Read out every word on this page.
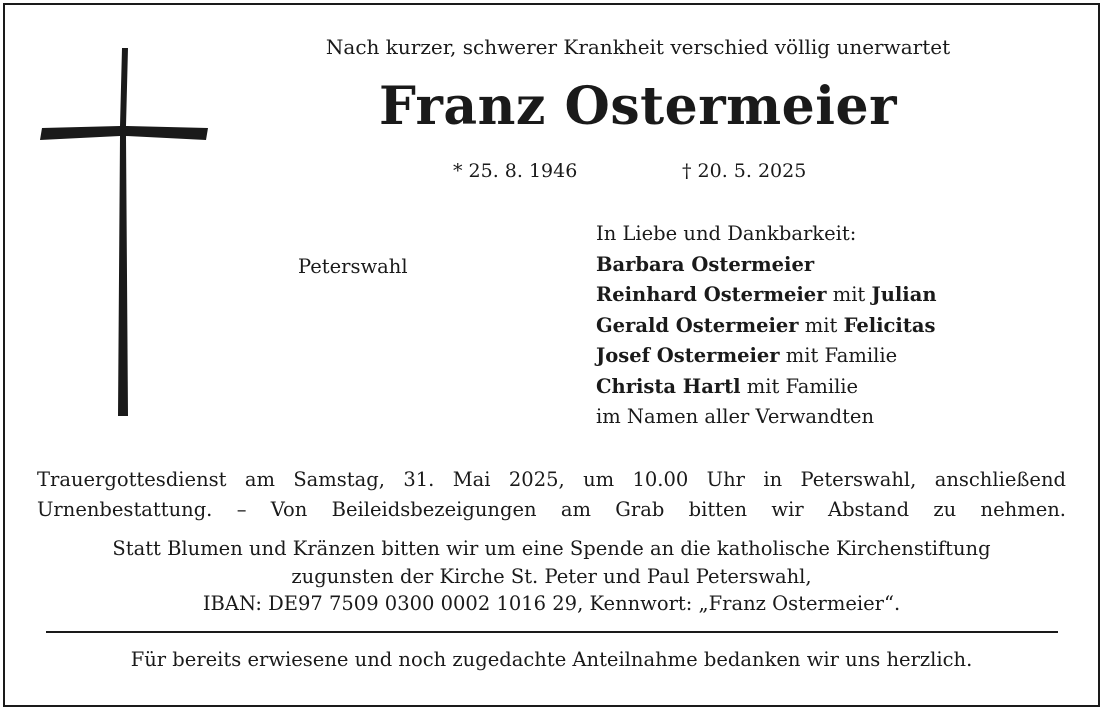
Nach kurzer, schwerer Krankheit verschied völlig unerwartet
Franz Ostermeier
* 25. 8. 1946	† 20. 5. 2025
Peterswahl
In Liebe und Dankbarkeit:
Barbara Ostermeier
Reinhard Ostermeier mit Julian
Gerald Ostermeier mit Felicitas
Josef Ostermeier mit Familie
Christa Hartl mit Familie
im Namen aller Verwandten
Trauergottesdienst am Samstag, 31. Mai 2025, um 10.00 Uhr in Peterswahl, anschließend
Urnenbestattung. – Von Beileidsbezeigungen am Grab bitten wir Abstand zu nehmen.
Statt Blumen und Kränzen bitten wir um eine Spende an die katholische Kirchenstiftung
zugunsten der Kirche St. Peter und Paul Peterswahl,
IBAN: DE97 7509 0300 0002 1016 29, Kennwort: „Franz Ostermeier“.
Für bereits erwiesene und noch zugedachte Anteilnahme bedanken wir uns herzlich.
